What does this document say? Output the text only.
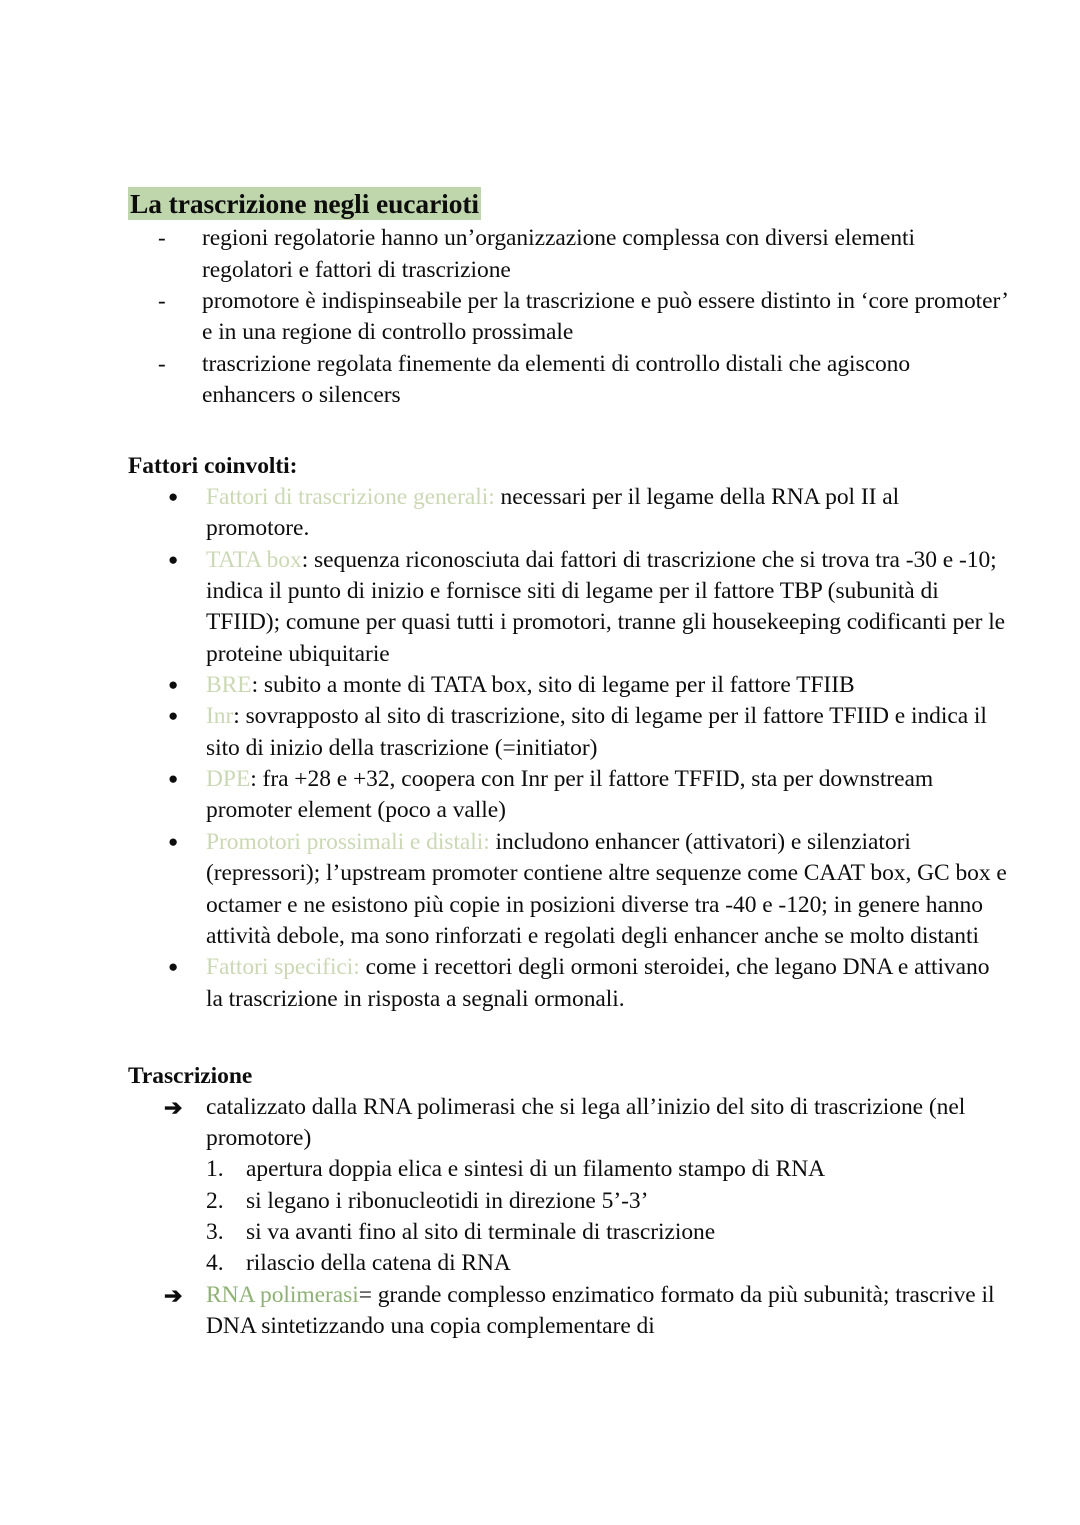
La trascrizione negli eucarioti
-	regioni regolatorie hanno un’organizzazione complessa con diversi elementi regolatori e fattori di trascrizione
-	promotore è indispinseabile per la trascrizione e può essere distinto in ‘core promoter’ e in una regione di controllo prossimale
-	trascrizione regolata finemente da elementi di controllo distali che agiscono enhancers o silencers
Fattori coinvolti:
●	Fattori di trascrizione generali: necessari per il legame della RNA pol II al promotore.
●	TATA box: sequenza riconosciuta dai fattori di trascrizione che si trova tra -30 e -10; indica il punto di inizio e fornisce siti di legame per il fattore TBP (subunità di TFIID); comune per quasi tutti i promotori, tranne gli housekeeping codificanti per le proteine ubiquitarie
●	BRE: subito a monte di TATA box, sito di legame per il fattore TFIIB
●	Inr: sovrapposto al sito di trascrizione, sito di legame per il fattore TFIID e indica il sito di inizio della trascrizione (=initiator)
●	DPE: fra +28 e +32, coopera con Inr per il fattore TFFID, sta per downstream promoter element (poco a valle)
●	Promotori prossimali e distali: includono enhancer (attivatori) e silenziatori (repressori); l’upstream promoter contiene altre sequenze come CAAT box, GC box e octamer e ne esistono più copie in posizioni diverse tra -40 e -120; in genere hanno attività debole, ma sono rinforzati e regolati degli enhancer anche se molto distanti
●	Fattori specifici: come i recettori degli ormoni steroidei, che legano DNA e attivano la trascrizione in risposta a segnali ormonali.
Trascrizione
➔	catalizzato dalla RNA polimerasi che si lega all’inizio del sito di trascrizione (nel promotore)
1. apertura doppia elica e sintesi di un filamento stampo di RNA
2. si legano i ribonucleotidi in direzione 5’-3’
3. si va avanti fino al sito di terminale di trascrizione
4. rilascio della catena di RNA
➔	RNA polimerasi= grande complesso enzimatico formato da più subunità; trascrive il DNA sintetizzando una copia complementare di
